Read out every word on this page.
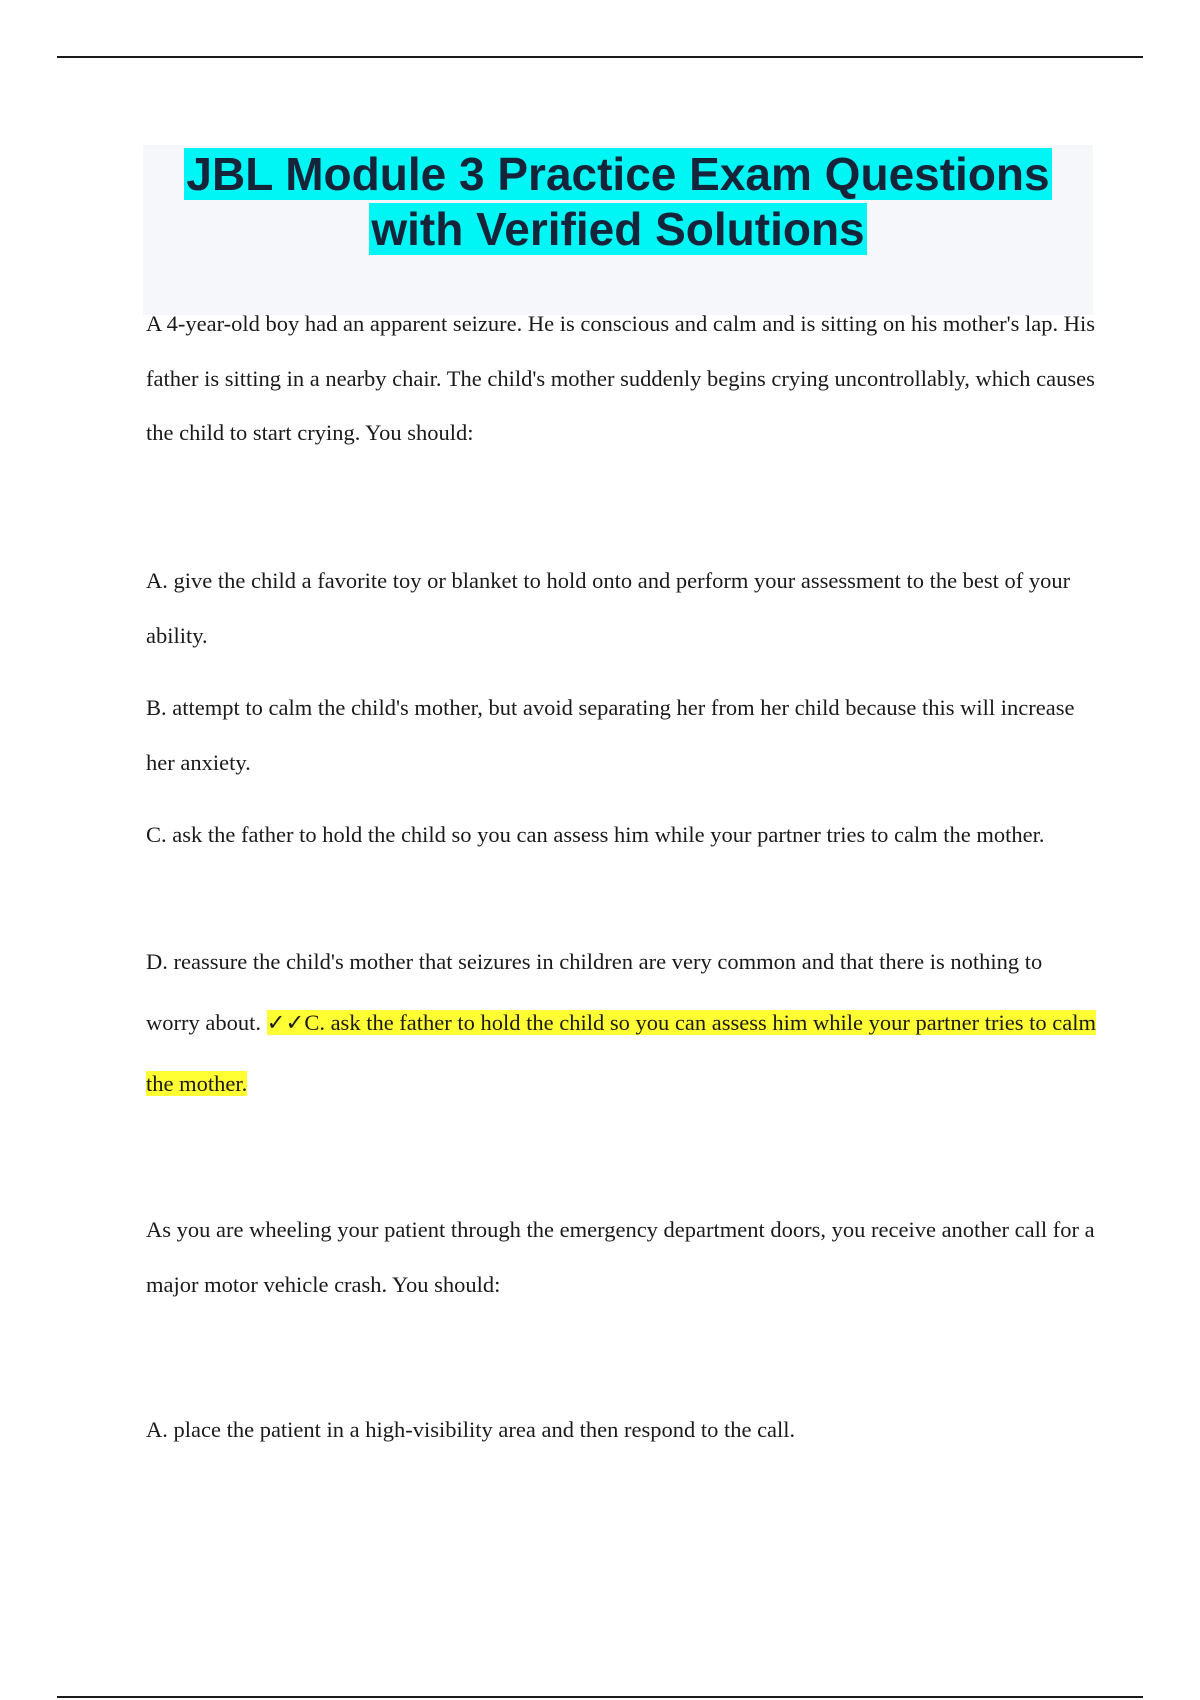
JBL Module 3 Practice Exam Questions
with Verified Solutions

A 4-year-old boy had an apparent seizure. He is conscious and calm and is sitting on his mother's lap. His father is sitting in a nearby chair. The child's mother suddenly begins crying uncontrollably, which causes the child to start crying. You should:

A. give the child a favorite toy or blanket to hold onto and perform your assessment to the best of your ability.

B. attempt to calm the child's mother, but avoid separating her from her child because this will increase her anxiety.

C. ask the father to hold the child so you can assess him while your partner tries to calm the mother.

D. reassure the child's mother that seizures in children are very common and that there is nothing to worry about. ✓✓C. ask the father to hold the child so you can assess him while your partner tries to calm the mother.

As you are wheeling your patient through the emergency department doors, you receive another call for a major motor vehicle crash. You should:

A. place the patient in a high-visibility area and then respond to the call.
